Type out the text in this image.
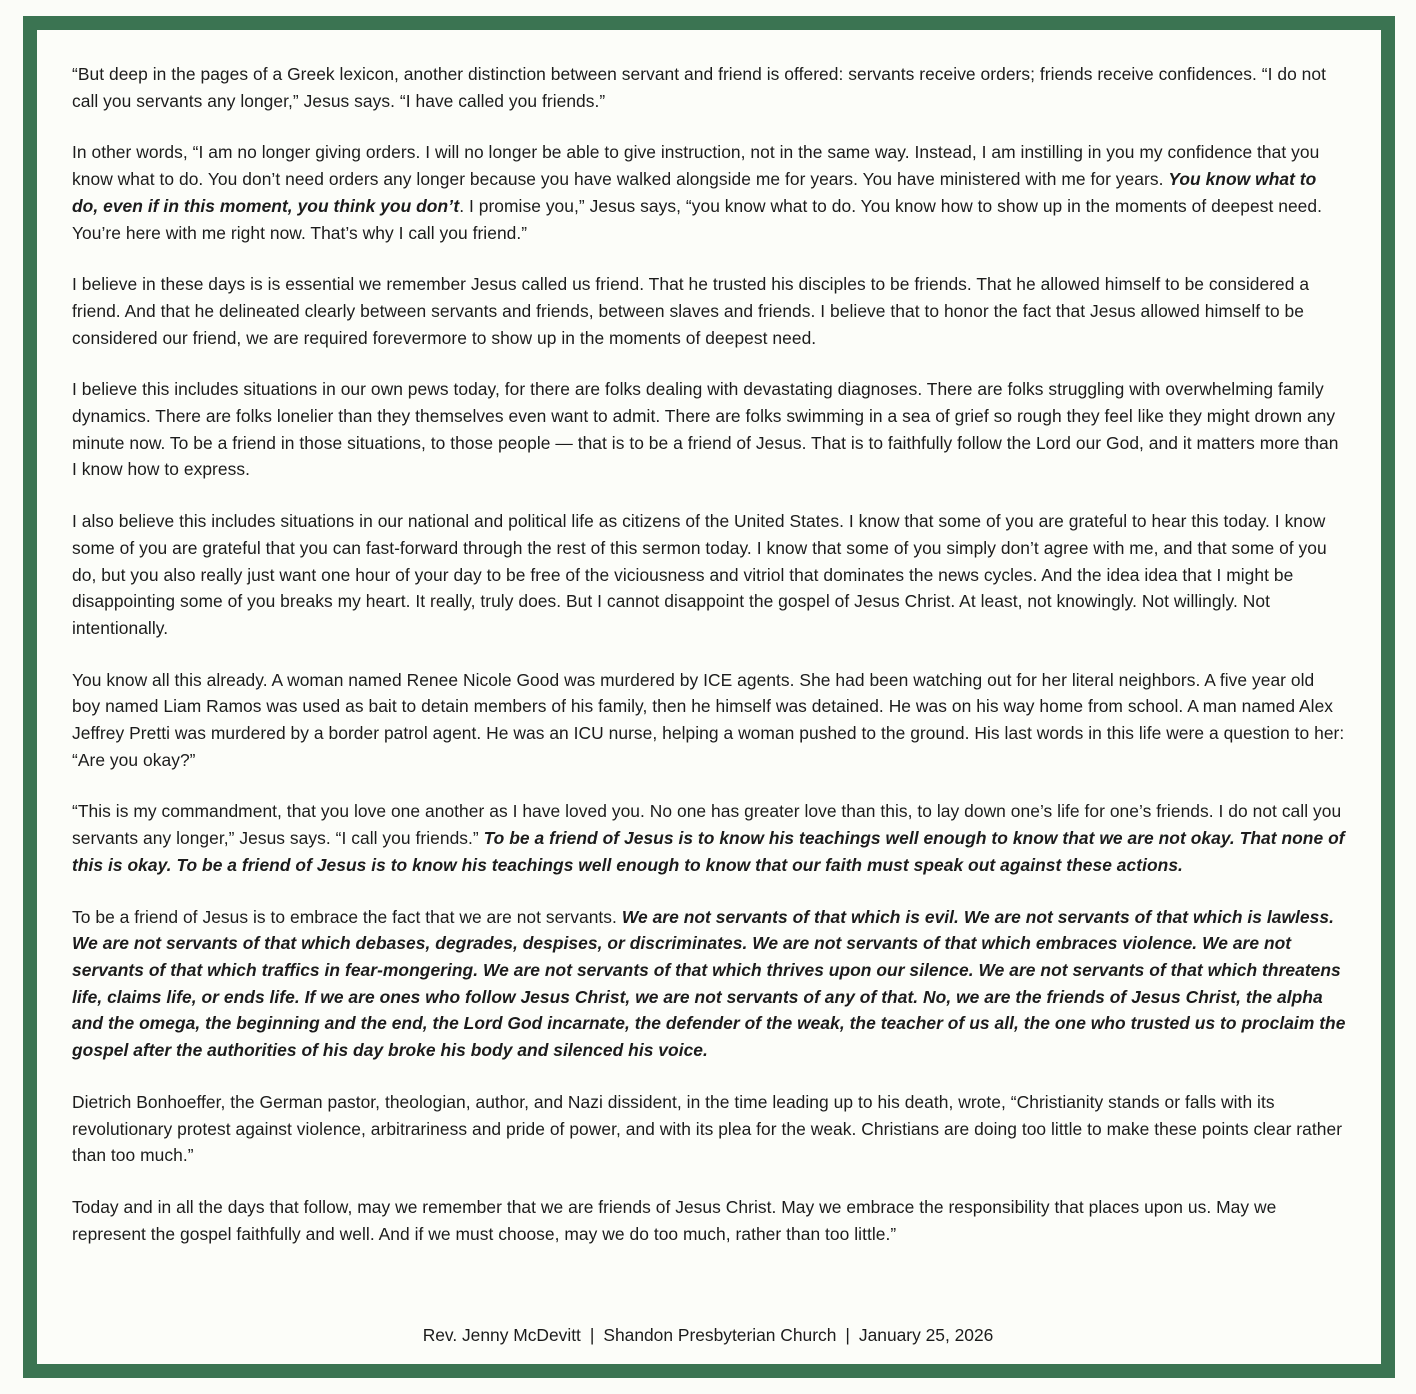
“But deep in the pages of a Greek lexicon, another distinction between servant and friend is offered: servants receive orders; friends receive confidences. “I do not call you servants any longer,” Jesus says. “I have called you friends.”

In other words, “I am no longer giving orders. I will no longer be able to give instruction, not in the same way. Instead, I am instilling in you my confidence that you know what to do. You don’t need orders any longer because you have walked alongside me for years. You have ministered with me for years. You know what to do, even if in this moment, you think you don’t. I promise you,” Jesus says, “you know what to do. You know how to show up in the moments of deepest need. You’re here with me right now. That’s why I call you friend.”

I believe in these days is is essential we remember Jesus called us friend. That he trusted his disciples to be friends. That he allowed himself to be considered a friend. And that he delineated clearly between servants and friends, between slaves and friends. I believe that to honor the fact that Jesus allowed himself to be considered our friend, we are required forevermore to show up in the moments of deepest need.

I believe this includes situations in our own pews today, for there are folks dealing with devastating diagnoses. There are folks struggling with overwhelming family dynamics. There are folks lonelier than they themselves even want to admit. There are folks swimming in a sea of grief so rough they feel like they might drown any minute now. To be a friend in those situations, to those people — that is to be a friend of Jesus. That is to faithfully follow the Lord our God, and it matters more than I know how to express.

I also believe this includes situations in our national and political life as citizens of the United States. I know that some of you are grateful to hear this today. I know some of you are grateful that you can fast-forward through the rest of this sermon today. I know that some of you simply don’t agree with me, and that some of you do, but you also really just want one hour of your day to be free of the viciousness and vitriol that dominates the news cycles. And the idea idea that I might be disappointing some of you breaks my heart. It really, truly does. But I cannot disappoint the gospel of Jesus Christ. At least, not knowingly. Not willingly. Not intentionally.

You know all this already. A woman named Renee Nicole Good was murdered by ICE agents. She had been watching out for her literal neighbors. A five year old boy named Liam Ramos was used as bait to detain members of his family, then he himself was detained. He was on his way home from school. A man named Alex Jeffrey Pretti was murdered by a border patrol agent. He was an ICU nurse, helping a woman pushed to the ground. His last words in this life were a question to her: “Are you okay?”

“This is my commandment, that you love one another as I have loved you. No one has greater love than this, to lay down one’s life for one’s friends. I do not call you servants any longer,” Jesus says. “I call you friends.” To be a friend of Jesus is to know his teachings well enough to know that we are not okay. That none of this is okay. To be a friend of Jesus is to know his teachings well enough to know that our faith must speak out against these actions.

To be a friend of Jesus is to embrace the fact that we are not servants. We are not servants of that which is evil. We are not servants of that which is lawless. We are not servants of that which debases, degrades, despises, or discriminates. We are not servants of that which embraces violence. We are not servants of that which traffics in fear-mongering. We are not servants of that which thrives upon our silence. We are not servants of that which threatens life, claims life, or ends life. If we are ones who follow Jesus Christ, we are not servants of any of that. No, we are the friends of Jesus Christ, the alpha and the omega, the beginning and the end, the Lord God incarnate, the defender of the weak, the teacher of us all, the one who trusted us to proclaim the gospel after the authorities of his day broke his body and silenced his voice.

Dietrich Bonhoeffer, the German pastor, theologian, author, and Nazi dissident, in the time leading up to his death, wrote, “Christianity stands or falls with its revolutionary protest against violence, arbitrariness and pride of power, and with its plea for the weak. Christians are doing too little to make these points clear rather than too much.”

Today and in all the days that follow, may we remember that we are friends of Jesus Christ. May we embrace the responsibility that places upon us. May we represent the gospel faithfully and well. And if we must choose, may we do too much, rather than too little.”

Rev. Jenny McDevitt | Shandon Presbyterian Church | January 25, 2026
